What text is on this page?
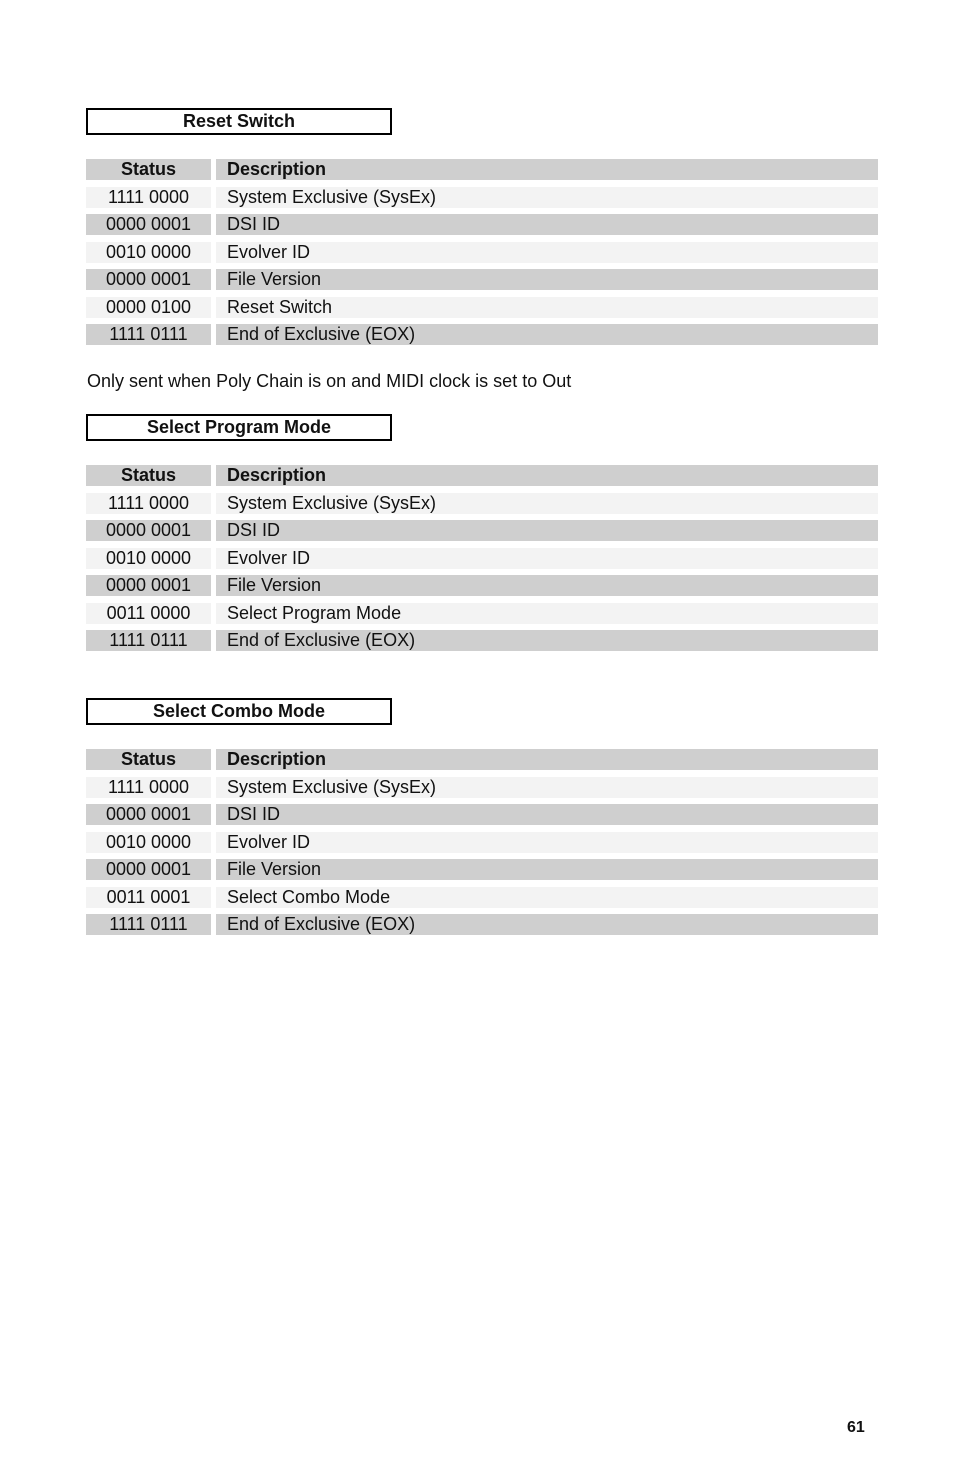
Reset Switch
Status	Description
1111 0000	System Exclusive (SysEx)
0000 0001	DSI ID
0010 0000	Evolver ID
0000 0001	File Version
0000 0100	Reset Switch
1111 0111	End of Exclusive (EOX)
Only sent when Poly Chain is on and MIDI clock is set to Out
Select Program Mode
Status	Description
1111 0000	System Exclusive (SysEx)
0000 0001	DSI ID
0010 0000	Evolver ID
0000 0001	File Version
0011 0000	Select Program Mode
1111 0111	End of Exclusive (EOX)
Select Combo Mode
Status	Description
1111 0000	System Exclusive (SysEx)
0000 0001	DSI ID
0010 0000	Evolver ID
0000 0001	File Version
0011 0001	Select Combo Mode
1111 0111	End of Exclusive (EOX)
61
